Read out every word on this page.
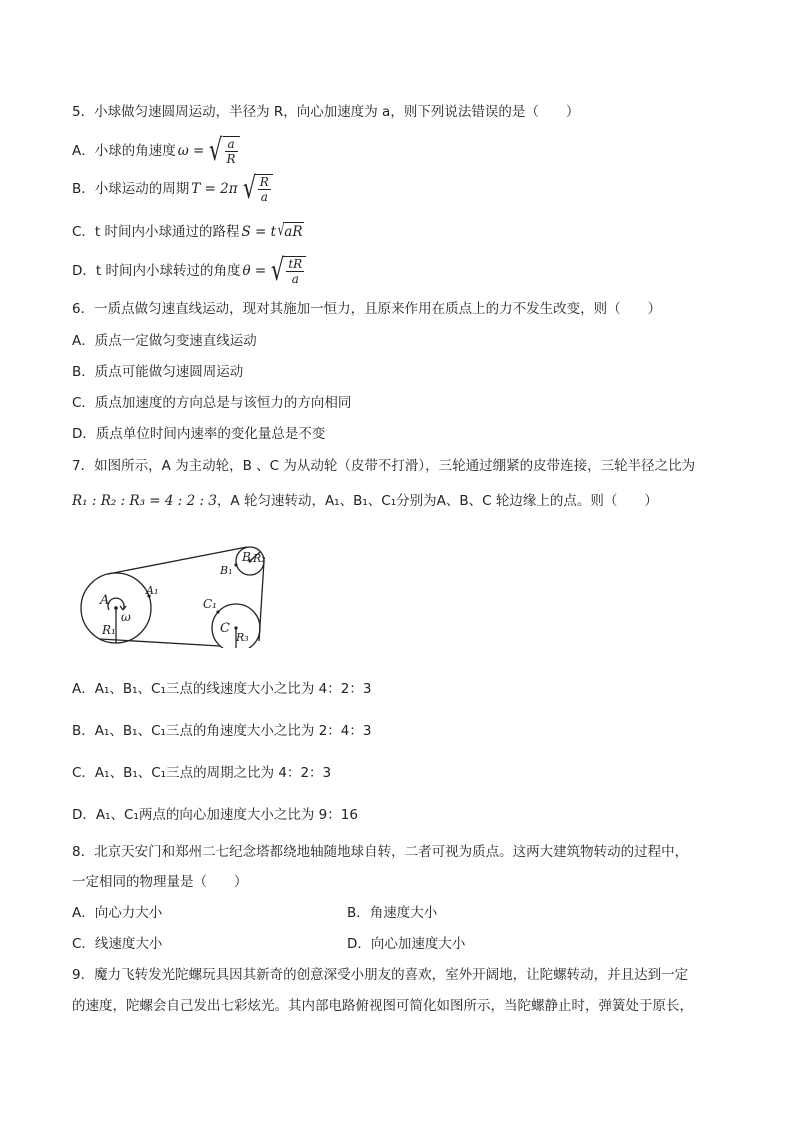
5．小球做匀速圆周运动，半径为 R，向心加速度为 a，则下列说法错误的是（　　）
A．小球的角速度 ω = √ $\frac{a}{R}$
B．小球运动的周期 T = 2π √ $\frac{R}{a}$
C．t 时间内小球通过的路程 S = t √ aR
D．t 时间内小球转过的角度 θ = √ $\frac{tR}{a}$
6．一质点做匀速直线运动，现对其施加一恒力，且原来作用在质点上的力不发生改变，则（　　）
A．质点一定做匀变速直线运动
B．质点可能做匀速圆周运动
C．质点加速度的方向总是与该恒力的方向相同
D．质点单位时间内速率的变化量总是不变
7．如图所示，A 为主动轮，B 、C 为从动轮（皮带不打滑），三轮通过绷紧的皮带连接，三轮半径之比为
R₁ : R₂ : R₃ = 4 : 2 : 3，A 轮匀速转动，A₁、B₁、C₁分别为A、B、C 轮边缘上的点。则（　　）
A
A₁
R₁
ω
B
B₁
R₂
C₁
C
R₃
A．A₁、B₁、C₁三点的线速度大小之比为 4：2：3
B．A₁、B₁、C₁三点的角速度大小之比为 2：4：3
C．A₁、B₁、C₁三点的周期之比为 4：2：3
D．A₁、C₁两点的向心加速度大小之比为 9：16
8．北京天安门和郑州二七纪念塔都绕地轴随地球自转，二者可视为质点。这两大建筑物转动的过程中，
一定相同的物理量是（　　）
A．向心力大小	B．角速度大小
C．线速度大小	D．向心加速度大小
9．魔力飞转发光陀螺玩具因其新奇的创意深受小朋友的喜欢，室外开阔地，让陀螺转动，并且达到一定
的速度，陀螺会自己发出七彩炫光。其内部电路俯视图可简化如图所示，当陀螺静止时，弹簧处于原长，
